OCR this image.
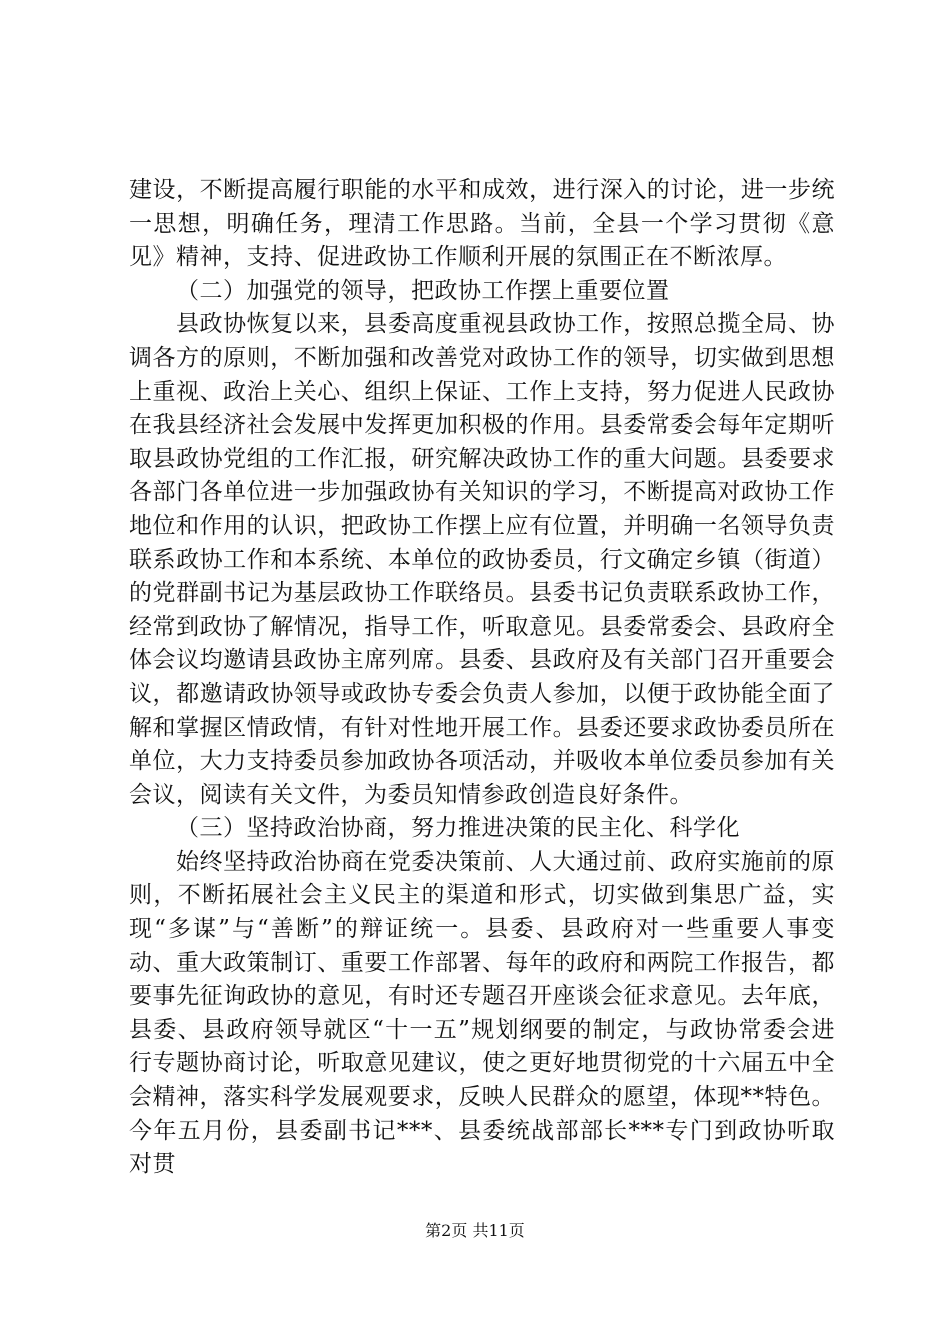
建设，不断提高履行职能的水平和成效，进行深入的讨论，进一步统一思想，明确任务，理清工作思路。当前，全县一个学习贯彻《意见》精神，支持、促进政协工作顺利开展的氛围正在不断浓厚。

（二）加强党的领导，把政协工作摆上重要位置

县政协恢复以来，县委高度重视县政协工作，按照总揽全局、协调各方的原则，不断加强和改善党对政协工作的领导，切实做到思想上重视、政治上关心、组织上保证、工作上支持，努力促进人民政协在我县经济社会发展中发挥更加积极的作用。县委常委会每年定期听取县政协党组的工作汇报，研究解决政协工作的重大问题。县委要求各部门各单位进一步加强政协有关知识的学习，不断提高对政协工作地位和作用的认识，把政协工作摆上应有位置，并明确一名领导负责联系政协工作和本系统、本单位的政协委员，行文确定乡镇（街道）的党群副书记为基层政协工作联络员。县委书记负责联系政协工作，经常到政协了解情况，指导工作，听取意见。县委常委会、县政府全体会议均邀请县政协主席列席。县委、县政府及有关部门召开重要会议，都邀请政协领导或政协专委会负责人参加，以便于政协能全面了解和掌握区情政情，有针对性地开展工作。县委还要求政协委员所在单位，大力支持委员参加政协各项活动，并吸收本单位委员参加有关会议，阅读有关文件，为委员知情参政创造良好条件。

（三）坚持政治协商，努力推进决策的民主化、科学化

始终坚持政治协商在党委决策前、人大通过前、政府实施前的原则，不断拓展社会主义民主的渠道和形式，切实做到集思广益，实现“多谋”与“善断”的辩证统一。县委、县政府对一些重要人事变动、重大政策制订、重要工作部署、每年的政府和两院工作报告，都要事先征询政协的意见，有时还专题召开座谈会征求意见。去年底，县委、县政府领导就区“十一五”规划纲要的制定，与政协常委会进行专题协商讨论，听取意见建议，使之更好地贯彻党的十六届五中全会精神，落实科学发展观要求，反映人民群众的愿望，体现**特色。今年五月份，县委副书记***、县委统战部部长***专门到政协听取对贯

第2页 共11页
